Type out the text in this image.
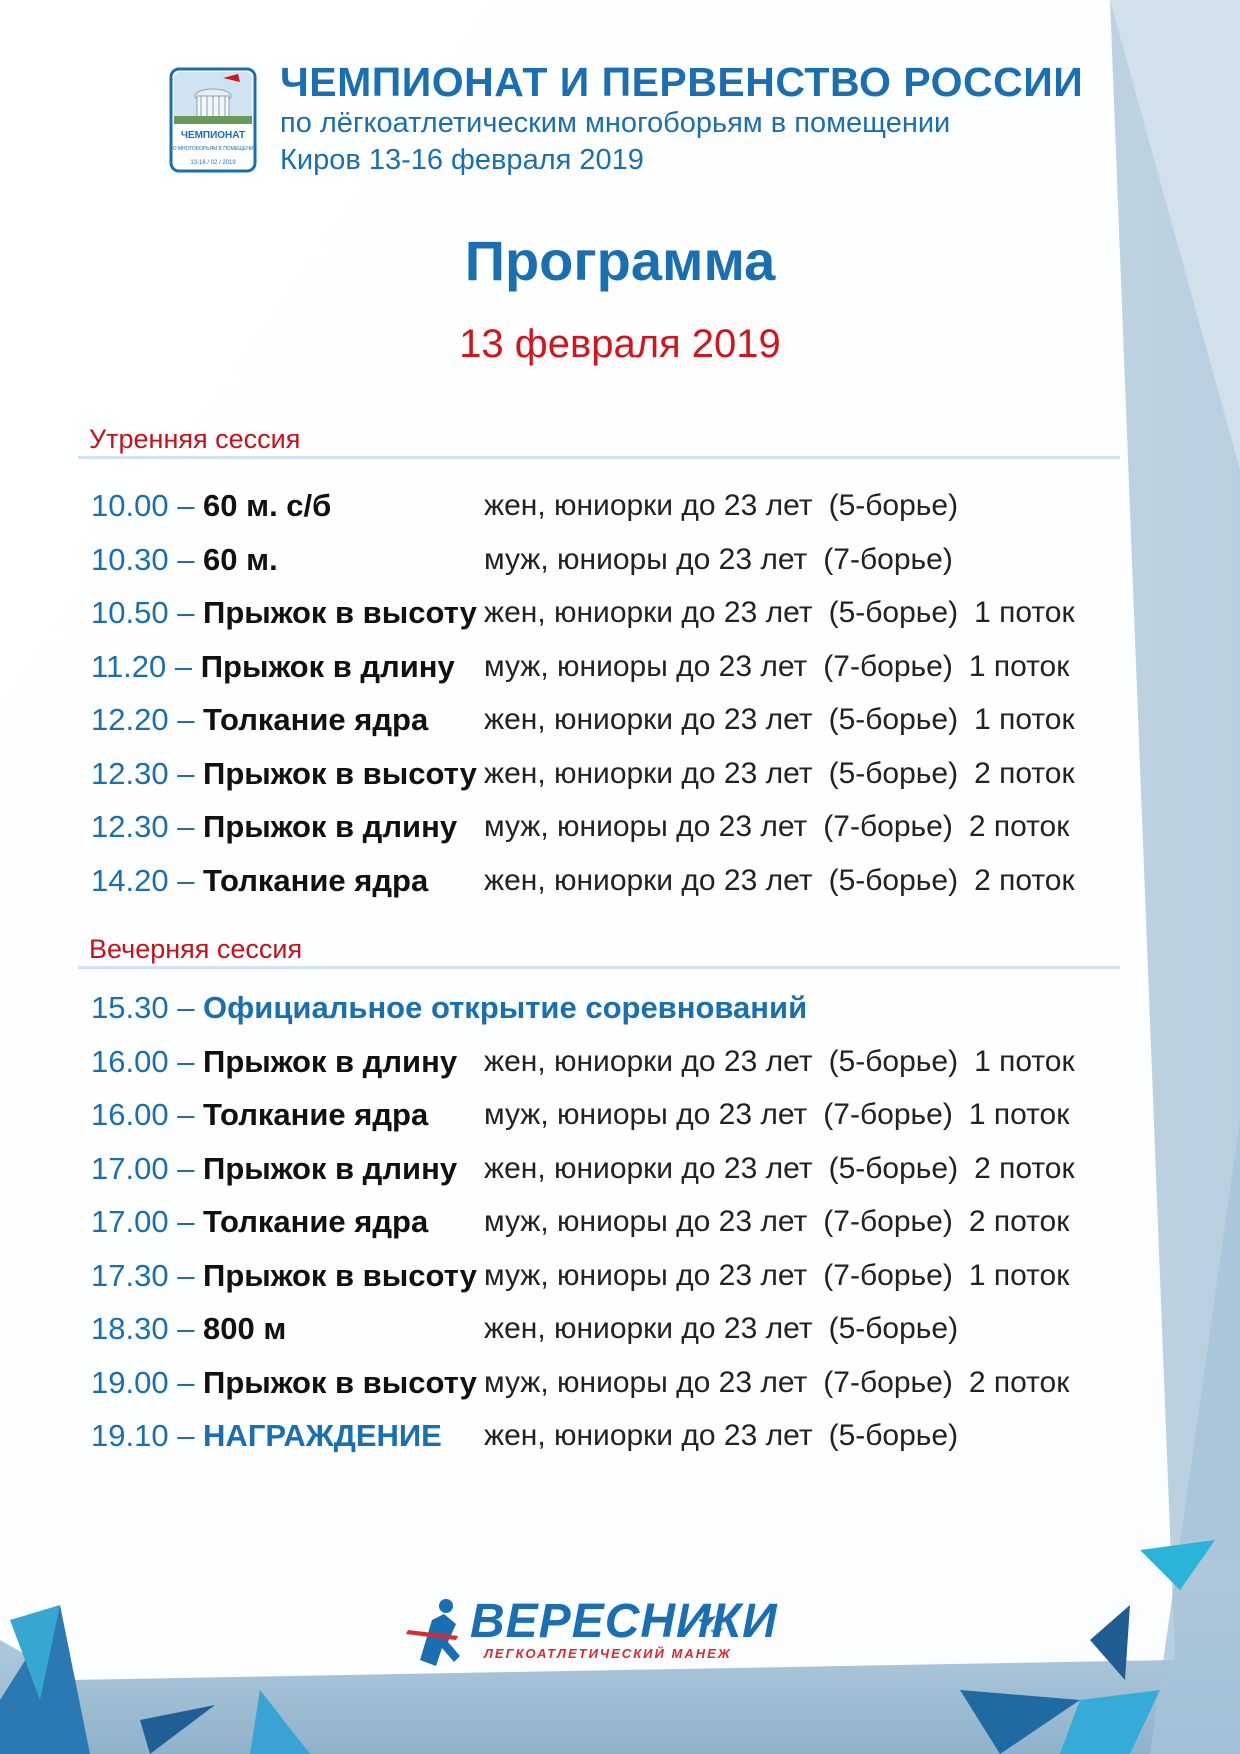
ЧЕМПИОНАТ
ПО МНОГОБОРЬЯМ В ПОМЕЩЕНИИ
13-16 / 02 / 2019
ЧЕМПИОНАТ И ПЕРВЕНСТВО РОССИИ
по лёгкоатлетическим многоборьям в помещении
Киров 13-16 февраля 2019
Программа
13 февраля 2019
Утренняя сессия
10.00 – 60 м. с/б	жен, юниорки до 23 лет (5-борье)
10.30 – 60 м.	муж, юниоры до 23 лет (7-борье)
10.50 – Прыжок в высоту жен, юниорки до 23 лет (5-борье) 1 поток
11.20 – Прыжок в длину муж, юниоры до 23 лет (7-борье) 1 поток
12.20 – Толкание ядра жен, юниорки до 23 лет (5-борье) 1 поток
12.30 – Прыжок в высоту жен, юниорки до 23 лет (5-борье) 2 поток
12.30 – Прыжок в длину муж, юниоры до 23 лет (7-борье) 2 поток
14.20 – Толкание ядра жен, юниорки до 23 лет (5-борье) 2 поток
Вечерняя сессия
15.30 – Официальное открытие соревнований
16.00 – Прыжок в длину жен, юниорки до 23 лет (5-борье) 1 поток
16.00 – Толкание ядра муж, юниоры до 23 лет (7-борье) 1 поток
17.00 – Прыжок в длину жен, юниорки до 23 лет (5-борье) 2 поток
17.00 – Толкание ядра муж, юниоры до 23 лет (7-борье) 2 поток
17.30 – Прыжок в высоту муж, юниоры до 23 лет (7-борье) 1 поток
18.30 – 800 м	жен, юниорки до 23 лет (5-борье)
19.00 – Прыжок в высоту муж, юниоры до 23 лет (7-борье) 2 поток
19.10 – НАГРАЖДЕНИЕ жен, юниорки до 23 лет (5-борье)
ВЕРЕСНИКИ
ЛЕГКОАТЛЕТИЧЕСКИЙ МАНЕЖ
